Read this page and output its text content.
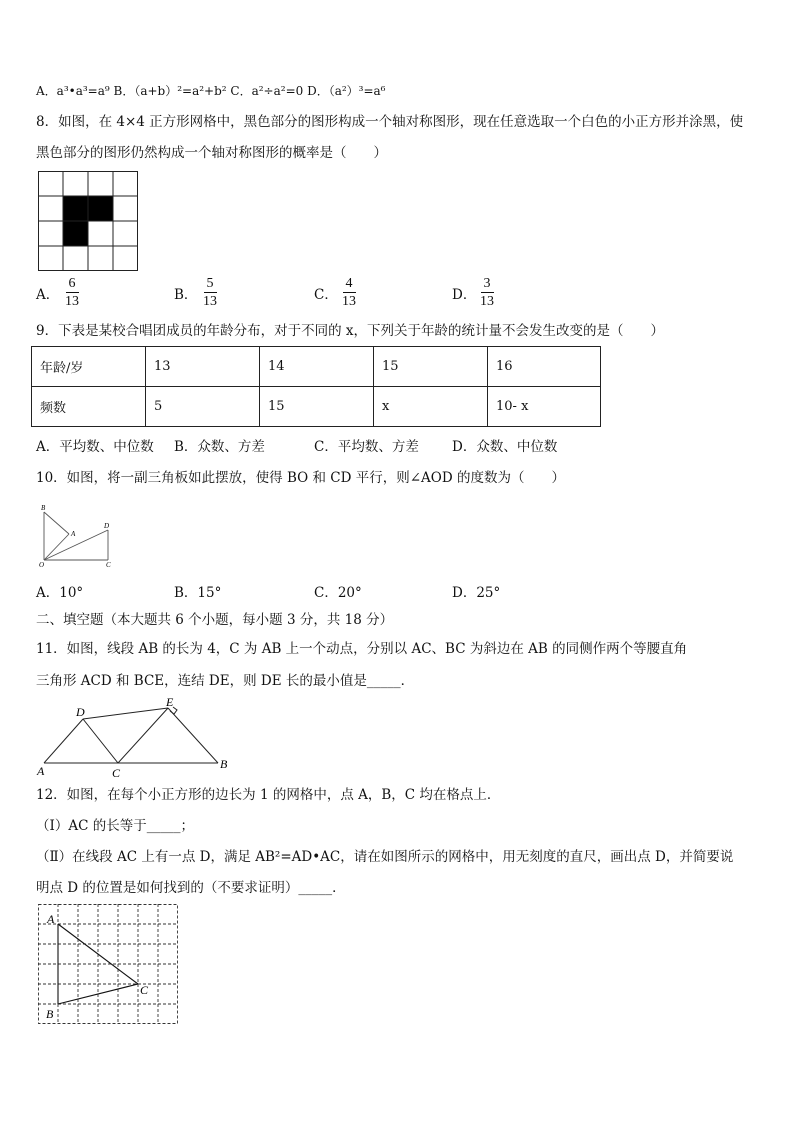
A．a³•a³=a⁹ B．（a+b）²=a²+b² C．a²÷a²=0 D．（a²）³=a⁶
8．如图，在 4×4 正方形网格中，黑色部分的图形构成一个轴对称图形，现在任意选取一个白色的小正方形并涂黑，使
黑色部分的图形仍然构成一个轴对称图形的概率是（　　）
A． $\frac{6}{13}$	B． $\frac{5}{13}$	C． $\frac{4}{13}$	D． $\frac{3}{13}$
9．下表是某校合唱团成员的年龄分布，对于不同的 x，下列关于年龄的统计量不会发生改变的是（　　）
年龄/岁	13	14	15	16
频数	5	15	x	10- x
A．平均数、中位数 B．众数、方差	C．平均数、方差 D．众数、中位数
10．如图，将一副三角板如此摆放，使得 BO 和 CD 平行，则∠AOD 的度数为（　　）
B
A
D
O	C
A．10°	B．15°	C．20°	D．25°
二、填空题（本大题共 6 个小题，每小题 3 分，共 18 分）
11．如图，线段 AB 的长为 4，C 为 AB 上一个动点，分别以 AC、BC 为斜边在 AB 的同侧作两个等腰直角
三角形 ACD 和 BCE，连结 DE，则 DE 长的最小值是_____．
D
E
A	C
B
12．如图，在每个小正方形的边长为 1 的网格中，点 A，B，C 均在格点上．
（Ⅰ）AC 的长等于_____；
（Ⅱ）在线段 AC 上有一点 D，满足 AB²=AD•AC，请在如图所示的网格中，用无刻度的直尺，画出点 D，并简要说
明点 D 的位置是如何找到的（不要求证明）_____．
A
B
C
